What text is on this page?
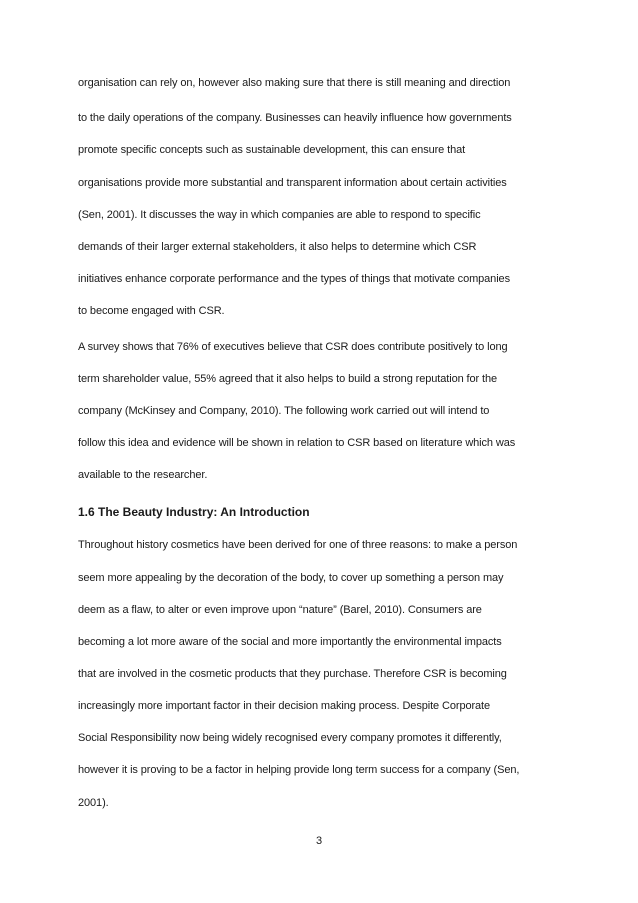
organisation can rely on, however also making sure that there is still meaning and direction
to the daily operations of the company. Businesses can heavily influence how governments
promote specific concepts such as sustainable development, this can ensure that
organisations provide more substantial and transparent information about certain activities
(Sen, 2001). It discusses the way in which companies are able to respond to specific
demands of their larger external stakeholders, it also helps to determine which CSR
initiatives enhance corporate performance and the types of things that motivate companies
to become engaged with CSR.
A survey shows that 76% of executives believe that CSR does contribute positively to long
term shareholder value, 55% agreed that it also helps to build a strong reputation for the
company (McKinsey and Company, 2010). The following work carried out will intend to
follow this idea and evidence will be shown in relation to CSR based on literature which was
available to the researcher.
1.6 The Beauty Industry: An Introduction
Throughout history cosmetics have been derived for one of three reasons: to make a person
seem more appealing by the decoration of the body, to cover up something a person may
deem as a flaw, to alter or even improve upon “nature” (Barel, 2010). Consumers are
becoming a lot more aware of the social and more importantly the environmental impacts
that are involved in the cosmetic products that they purchase. Therefore CSR is becoming
increasingly more important factor in their decision making process. Despite Corporate
Social Responsibility now being widely recognised every company promotes it differently,
however it is proving to be a factor in helping provide long term success for a company (Sen,
2001).
3
